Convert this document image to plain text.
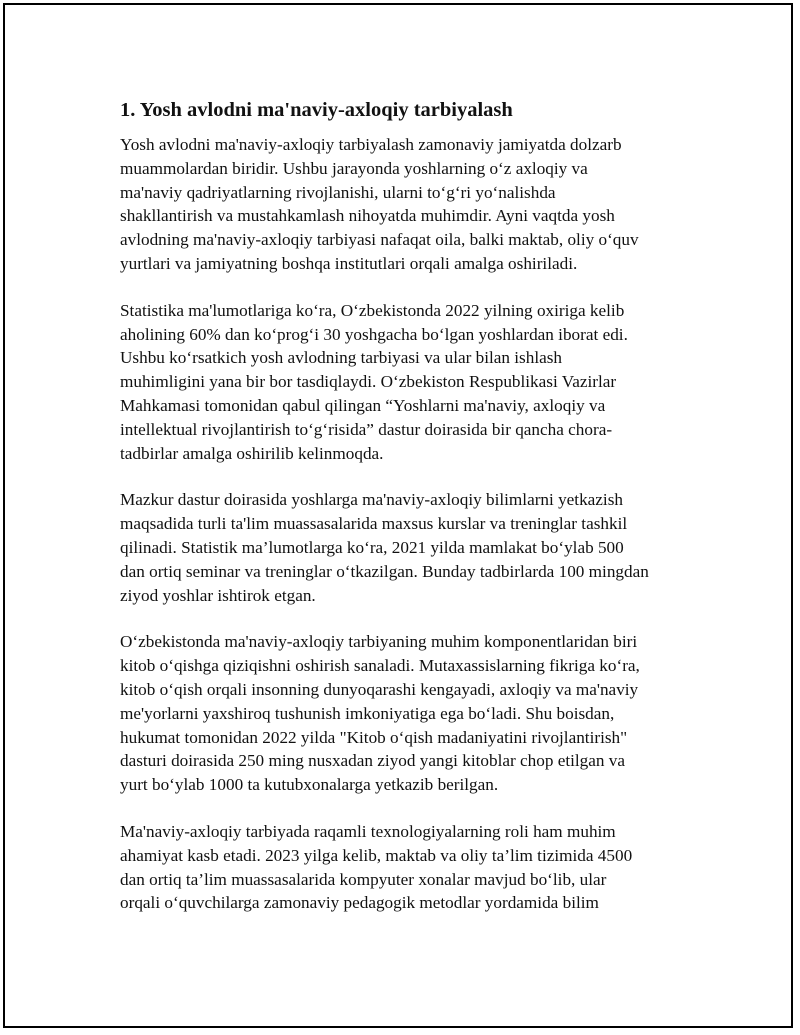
1. Yosh avlodni ma'naviy-axloqiy tarbiyalash

Yosh avlodni ma'naviy-axloqiy tarbiyalash zamonaviy jamiyatda dolzarb
muammolardan biridir. Ushbu jarayonda yoshlarning o‘z axloqiy va
ma'naviy qadriyatlarning rivojlanishi, ularni to‘g‘ri yo‘nalishda
shakllantirish va mustahkamlash nihoyatda muhimdir. Ayni vaqtda yosh
avlodning ma'naviy-axloqiy tarbiyasi nafaqat oila, balki maktab, oliy o‘quv
yurtlari va jamiyatning boshqa institutlari orqali amalga oshiriladi.

Statistika ma'lumotlariga ko‘ra, O‘zbekistonda 2022 yilning oxiriga kelib
aholining 60% dan ko‘prog‘i 30 yoshgacha bo‘lgan yoshlardan iborat edi.
Ushbu ko‘rsatkich yosh avlodning tarbiyasi va ular bilan ishlash
muhimligini yana bir bor tasdiqlaydi. O‘zbekiston Respublikasi Vazirlar
Mahkamasi tomonidan qabul qilingan “Yoshlarni ma'naviy, axloqiy va
intellektual rivojlantirish to‘g‘risida” dastur doirasida bir qancha chora-
tadbirlar amalga oshirilib kelinmoqda.

Mazkur dastur doirasida yoshlarga ma'naviy-axloqiy bilimlarni yetkazish
maqsadida turli ta'lim muassasalarida maxsus kurslar va treninglar tashkil
qilinadi. Statistik ma’lumotlarga ko‘ra, 2021 yilda mamlakat bo‘ylab 500
dan ortiq seminar va treninglar o‘tkazilgan. Bunday tadbirlarda 100 mingdan
ziyod yoshlar ishtirok etgan.

O‘zbekistonda ma'naviy-axloqiy tarbiyaning muhim komponentlaridan biri
kitob o‘qishga qiziqishni oshirish sanaladi. Mutaxassislarning fikriga ko‘ra,
kitob o‘qish orqali insonning dunyoqarashi kengayadi, axloqiy va ma'naviy
me'yorlarni yaxshiroq tushunish imkoniyatiga ega bo‘ladi. Shu boisdan,
hukumat tomonidan 2022 yilda "Kitob o‘qish madaniyatini rivojlantirish"
dasturi doirasida 250 ming nusxadan ziyod yangi kitoblar chop etilgan va
yurt bo‘ylab 1000 ta kutubxonalarga yetkazib berilgan.

Ma'naviy-axloqiy tarbiyada raqamli texnologiyalarning roli ham muhim
ahamiyat kasb etadi. 2023 yilga kelib, maktab va oliy ta’lim tizimida 4500
dan ortiq ta’lim muassasalarida kompyuter xonalar mavjud bo‘lib, ular
orqali o‘quvchilarga zamonaviy pedagogik metodlar yordamida bilim
